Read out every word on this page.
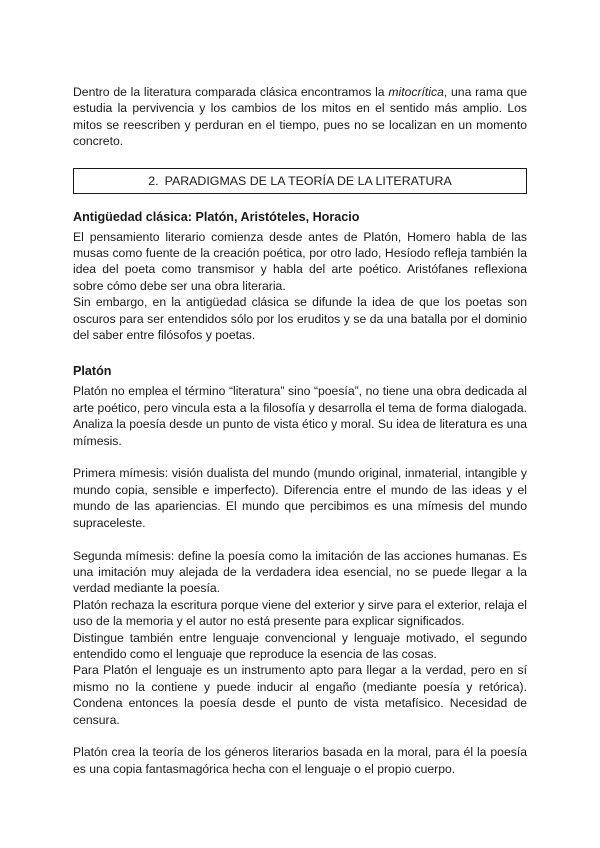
Dentro de la literatura comparada clásica encontramos la mitocrítica, una rama que estudia la pervivencia y los cambios de los mitos en el sentido más amplio. Los mitos se reescriben y perduran en el tiempo, pues no se localizan en un momento concreto.

2. PARADIGMAS DE LA TEORÍA DE LA LITERATURA
Antigüedad clásica: Platón, Aristóteles, Horacio

El pensamiento literario comienza desde antes de Platón, Homero habla de las musas como fuente de la creación poética, por otro lado, Hesíodo refleja también la idea del poeta como transmisor y habla del arte poético. Aristófanes reflexiona sobre cómo debe ser una obra literaria.

Sin embargo, en la antigüedad clásica se difunde la idea de que los poetas son oscuros para ser entendidos sólo por los eruditos y se da una batalla por el dominio del saber entre filósofos y poetas.

Platón

Platón no emplea el término “literatura” sino “poesía”, no tiene una obra dedicada al arte poético, pero vincula esta a la filosofía y desarrolla el tema de forma dialogada. Analiza la poesía desde un punto de vista ético y moral. Su idea de literatura es una mímesis.

Primera mímesis: visión dualista del mundo (mundo original, inmaterial, intangible y mundo copia, sensible e imperfecto). Diferencia entre el mundo de las ideas y el mundo de las apariencias. El mundo que percibimos es una mímesis del mundo supraceleste.

Segunda mímesis: define la poesía como la imitación de las acciones humanas. Es una imitación muy alejada de la verdadera idea esencial, no se puede llegar a la verdad mediante la poesía.

Platón rechaza la escritura porque viene del exterior y sirve para el exterior, relaja el uso de la memoria y el autor no está presente para explicar significados.

Distingue también entre lenguaje convencional y lenguaje motivado, el segundo entendido como el lenguaje que reproduce la esencia de las cosas.

Para Platón el lenguaje es un instrumento apto para llegar a la verdad, pero en sí mismo no la contiene y puede inducir al engaño (mediante poesía y retórica). Condena entonces la poesía desde el punto de vista metafísico. Necesidad de censura.

Platón crea la teoría de los géneros literarios basada en la moral, para él la poesía es una copia fantasmagórica hecha con el lenguaje o el propio cuerpo.
